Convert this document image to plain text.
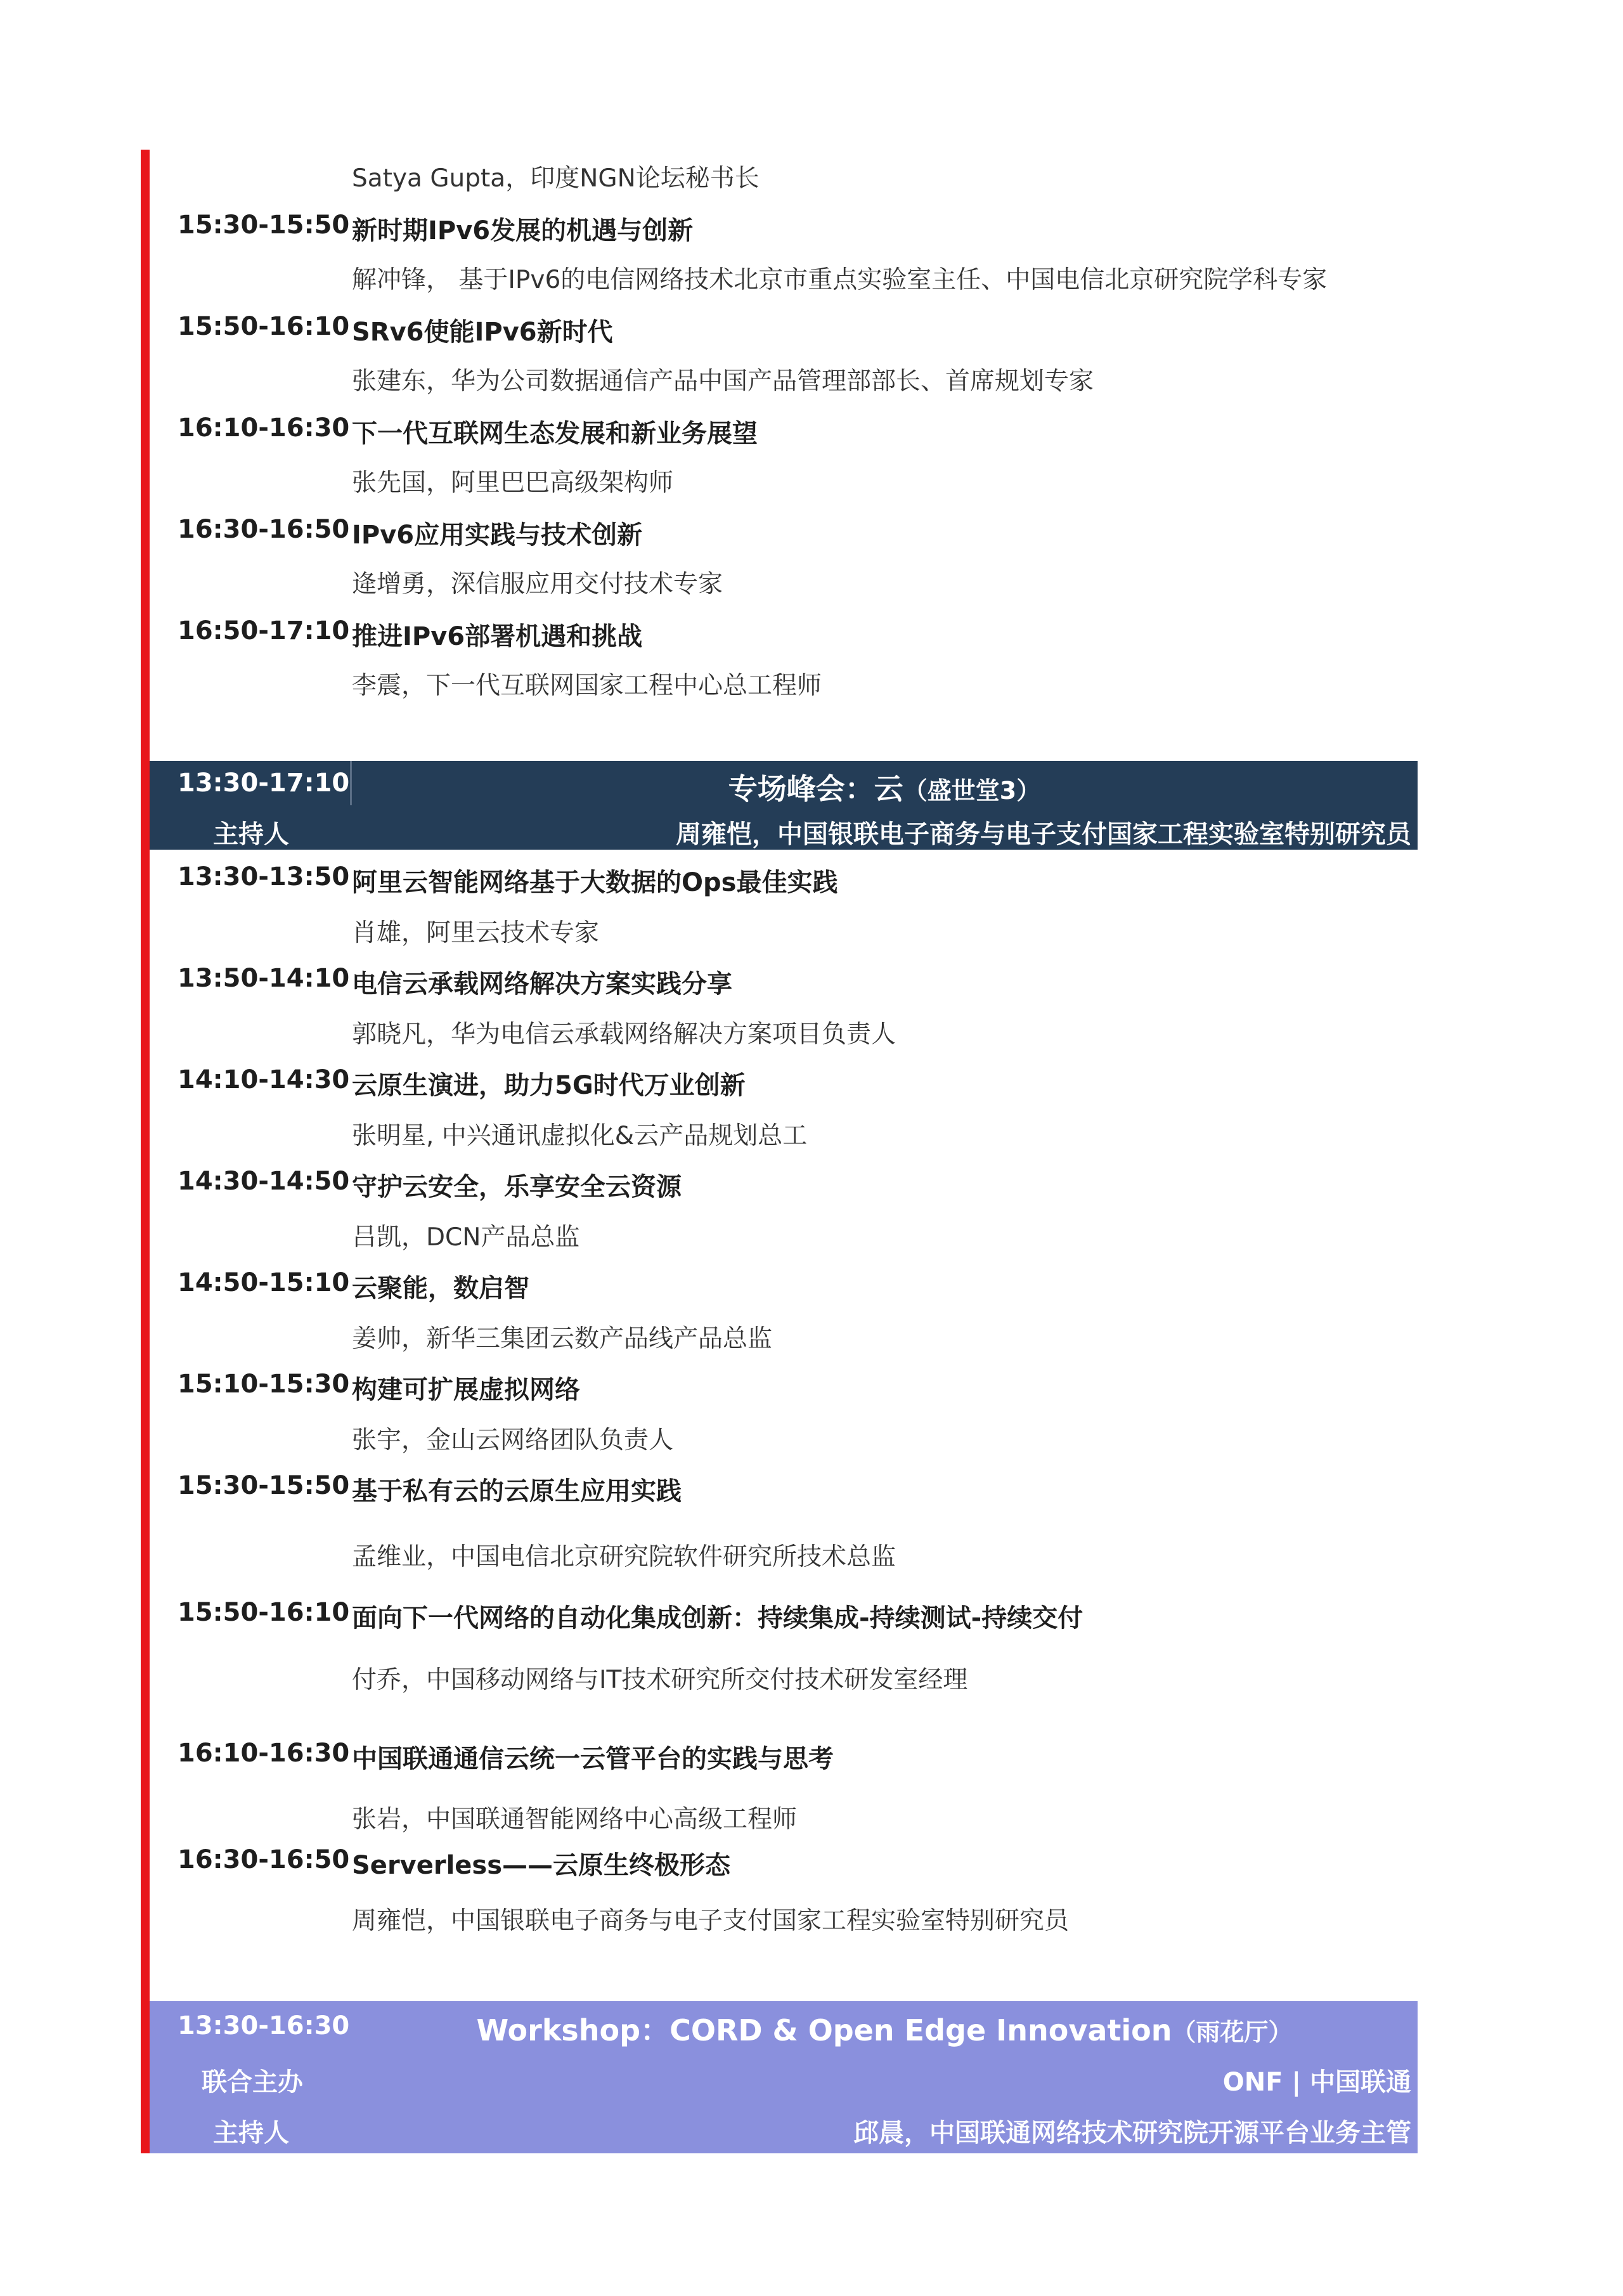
Satya Gupta，印度NGN论坛秘书长
15:30-15:50 新时期IPv6发展的机遇与创新
解冲锋， 基于IPv6的电信网络技术北京市重点实验室主任、中国电信北京研究院学科专家
15:50-16:10 SRv6使能IPv6新时代
张建东，华为公司数据通信产品中国产品管理部部长、首席规划专家
16:10-16:30 下一代互联网生态发展和新业务展望
张先国，阿里巴巴高级架构师
16:30-16:50 IPv6应用实践与技术创新
逄增勇，深信服应用交付技术专家
16:50-17:10 推进IPv6部署机遇和挑战
李震，下一代互联网国家工程中心总工程师
13:30-17:10	专场峰会：云（盛世堂3）
主持人	周雍恺，中国银联电子商务与电子支付国家工程实验室特别研究员
13:30-13:50 阿里云智能网络基于大数据的Ops最佳实践
肖雄，阿里云技术专家
13:50-14:10 电信云承载网络解决方案实践分享
郭晓凡，华为电信云承载网络解决方案项目负责人
14:10-14:30 云原生演进，助力5G时代万业创新
张明星, 中兴通讯虚拟化&云产品规划总工
14:30-14:50 守护云安全，乐享安全云资源
吕凯，DCN产品总监
14:50-15:10 云聚能，数启智
姜帅，新华三集团云数产品线产品总监
15:10-15:30 构建可扩展虚拟网络
张宇，金山云网络团队负责人
15:30-15:50 基于私有云的云原生应用实践
孟维业，中国电信北京研究院软件研究所技术总监
15:50-16:10 面向下一代网络的自动化集成创新：持续集成-持续测试-持续交付
付乔，中国移动网络与IT技术研究所交付技术研发室经理
16:10-16:30 中国联通通信云统一云管平台的实践与思考
张岩，中国联通智能网络中心高级工程师
16:30-16:50 Serverless——云原生终极形态
周雍恺，中国银联电子商务与电子支付国家工程实验室特别研究员
13:30-16:30	Workshop：CORD & Open Edge Innovation（雨花厅）
联合主办	ONF | 中国联通
主持人	邱晨，中国联通网络技术研究院开源平台业务主管
